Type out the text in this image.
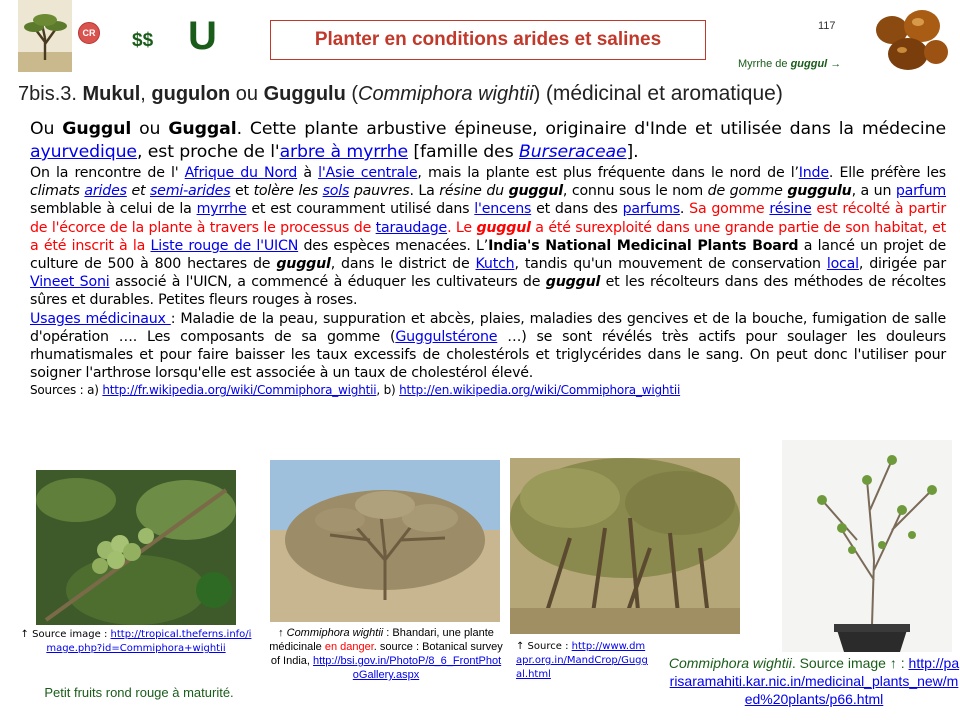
CR $$ U	Planter en conditions arides et salines
117
Myrrhe de guggul →
7bis.3. Mukul, gugulon ou Guggulu (Commiphora wightii) (médicinal et aromatique)

Ou Guggul ou Guggal. Cette plante arbustive épineuse, originaire d'Inde et utilisée dans la médecine ayurvedique, est proche de l'arbre à myrrhe [famille des Burseraceae].

On la rencontre de l' Afrique du Nord à l'Asie centrale, mais la plante est plus fréquente dans le nord de l’Inde. Elle préfère les climats arides et semi-arides et tolère les sols pauvres. La résine du guggul, connu sous le nom de gomme guggulu, a un parfum semblable à celui de la myrrhe et est couramment utilisé dans l'encens et dans des parfums. Sa gomme résine est récolté à partir de l'écorce de la plante à travers le processus de taraudage. Le guggul a été surexploité dans une grande partie de son habitat, et a été inscrit à la Liste rouge de l'UICN des espèces menacées. L’India's National Medicinal Plants Board a lancé un projet de culture de 500 à 800 hectares de guggul, dans le district de Kutch, tandis qu'un mouvement de conservation local, dirigée par Vineet Soni associé à l'UICN, a commencé à éduquer les cultivateurs de guggul et les récolteurs dans des méthodes de récoltes sûres et durables. Petites fleurs rouges à roses.

Usages médicinaux : Maladie de la peau, suppuration et abcès, plaies, maladies des gencives et de la bouche, fumigation de salle d'opération …. Les composants de sa gomme (Guggulstérone …) se sont révélés très actifs pour soulager les douleurs rhumatismales et pour faire baisser les taux excessifs de cholestérols et triglycérides dans le sang. On peut donc l'utiliser pour soigner l'arthrose lorsqu'elle est associée à un taux de cholestérol élevé.

Sources : a) http://fr.wikipedia.org/wiki/Commiphora_wightii, b) http://en.wikipedia.org/wiki/Commiphora_wightii

↑ Source image : http://tropical.theferns.info/image.php?id=Commiphora+wightii
Petit fruits rond rouge à maturité.
↑ Commiphora wightii : Bhandari, une plante médicinale en danger. source : Botanical survey of India, http://bsi.gov.in/PhotoP/8_6_FrontPhotoGallery.aspx
↑ Source : http://www.dmapr.org.in/MandCrop/Guggal.html
Commiphora wightii. Source image ↑ : http://parisaramahiti.kar.nic.in/medicinal_plants_new/med%20plants/p66.html
